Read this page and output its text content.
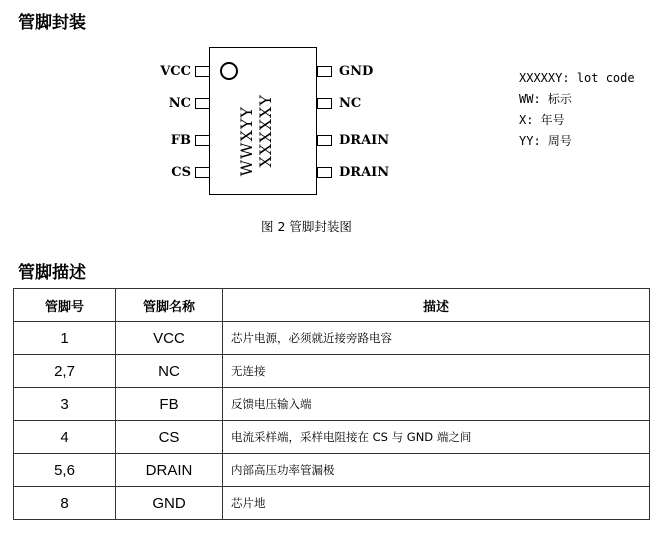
管脚封装
XXXXXY
WWXYY
VCC
NC
FB
CS
GND
NC
DRAIN
DRAIN
XXXXXY: lot code
WW: 标示
X: 年号
YY: 周号
图 2 管脚封装图
管脚描述
管脚号	管脚名称	描述
1	VCC	芯片电源，必须就近接旁路电容
2,7	NC	无连接
3	FB	反馈电压输入端
4	CS	电流采样端，采样电阻接在 CS 与 GND 端之间
5,6	DRAIN	内部高压功率管漏极
8	GND	芯片地
